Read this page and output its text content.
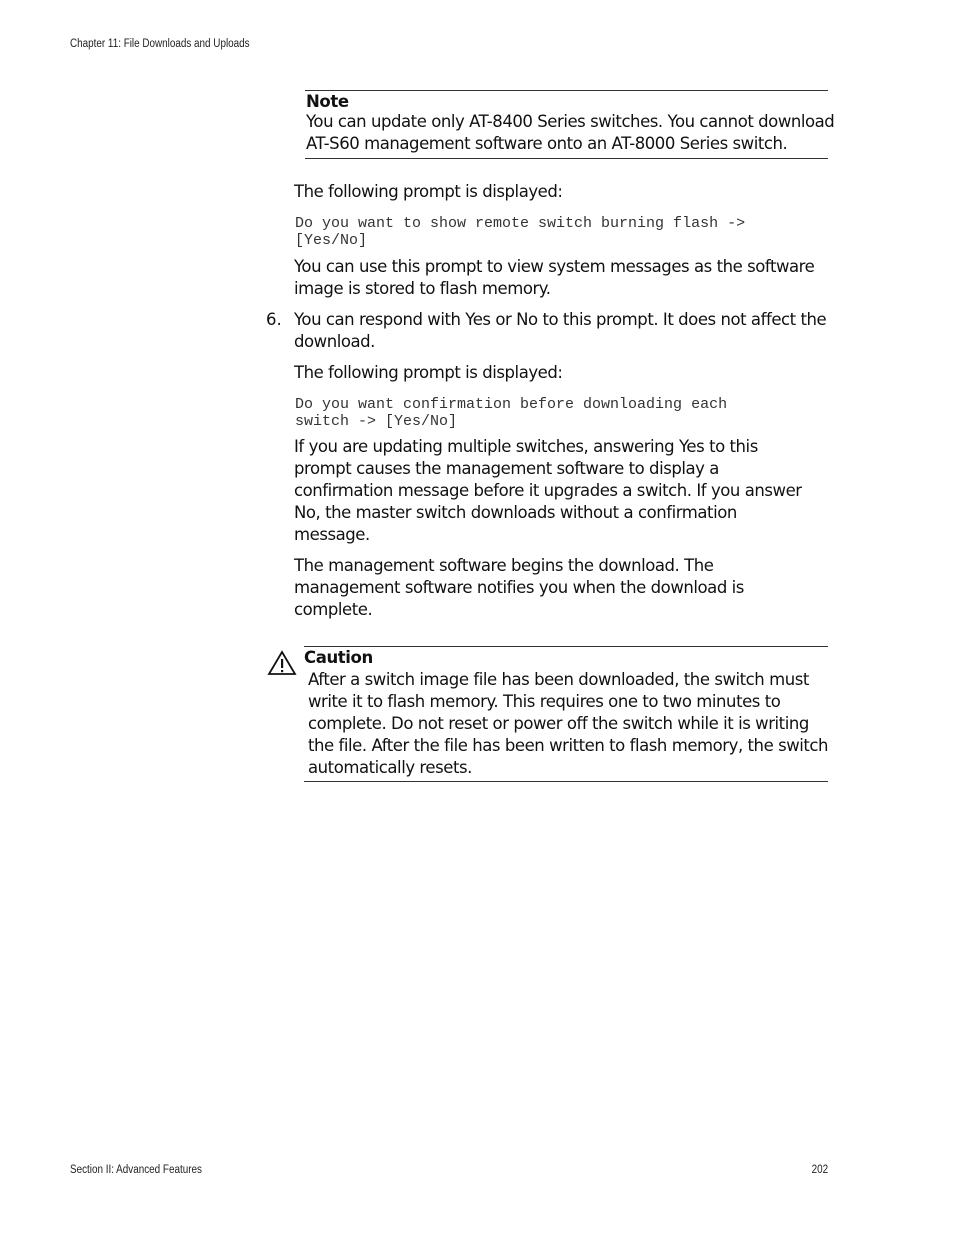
Chapter 11: File Downloads and Uploads
Note

You can update only AT-8400 Series switches. You cannot download AT-S60 management software onto an AT-8000 Series switch.

The following prompt is displayed:

Do you want to show remote switch burning flash ->
[Yes/No]

You can use this prompt to view system messages as the software image is stored to flash memory.

6. You can respond with Yes or No to this prompt. It does not affect the download.

The following prompt is displayed:

Do you want confirmation before downloading each
switch -> [Yes/No]

If you are updating multiple switches, answering Yes to this prompt causes the management software to display a confirmation message before it upgrades a switch. If you answer No, the master switch downloads without a confirmation message.

The management software begins the download. The management software notifies you when the download is complete.

Caution

After a switch image file has been downloaded, the switch must write it to flash memory. This requires one to two minutes to complete. Do not reset or power off the switch while it is writing the file. After the file has been written to flash memory, the switch automatically resets.

Section II: Advanced Features	202
